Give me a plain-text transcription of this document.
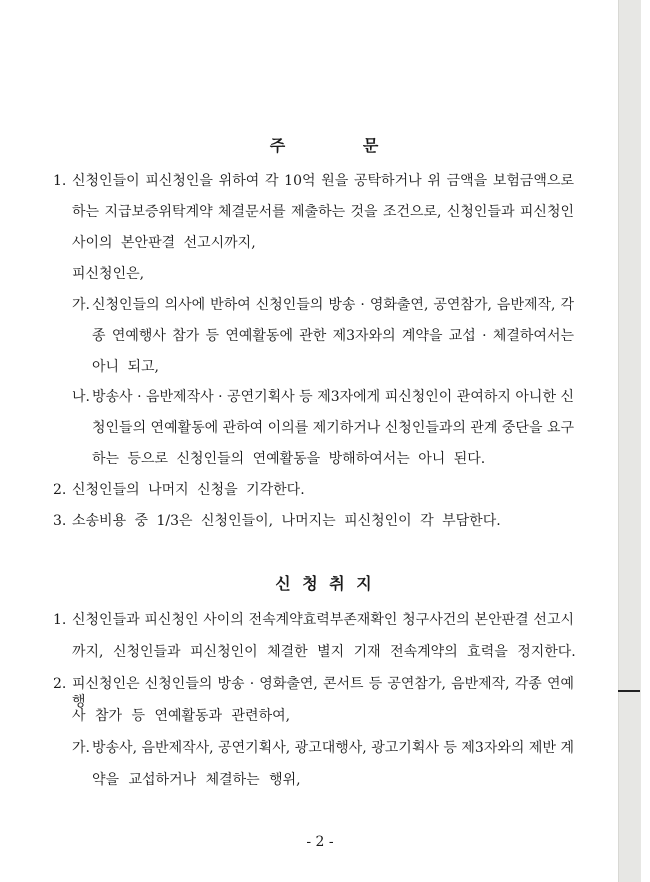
주          문
1. 신청인들이 피신청인을 위하여 각 10억 원을 공탁하거나 위 금액을 보험금액으로
하는 지급보증위탁계약 체결문서를 제출하는 것을 조건으로, 신청인들과 피신청인
사이의 본안판결 선고시까지,
피신청인은,
가. 신청인들의 의사에 반하여 신청인들의 방송 · 영화출연, 공연참가, 음반제작, 각
종 연예행사 참가 등 연예활동에 관한 제3자와의 계약을 교섭 · 체결하여서는
아니 되고,
나. 방송사 · 음반제작사 · 공연기획사 등 제3자에게 피신청인이 관여하지 아니한 신
청인들의 연예활동에 관하여 이의를 제기하거나 신청인들과의 관계 중단을 요구
하는 등으로 신청인들의 연예활동을 방해하여서는 아니 된다.
2. 신청인들의 나머지 신청을 기각한다.
3. 소송비용 중 1/3은 신청인들이, 나머지는 피신청인이 각 부담한다.
신 청 취 지
1. 신청인들과 피신청인 사이의 전속계약효력부존재확인 청구사건의 본안판결 선고시
까지, 신청인들과 피신청인이 체결한 별지 기재 전속계약의 효력을 정지한다.
2. 피신청인은 신청인들의 방송 · 영화출연, 콘서트 등 공연참가, 음반제작, 각종 연예행
사 참가 등 연예활동과 관련하여,
가. 방송사, 음반제작사, 공연기획사, 광고대행사, 광고기획사 등 제3자와의 제반 계
약을 교섭하거나 체결하는 행위,
- 2 -
